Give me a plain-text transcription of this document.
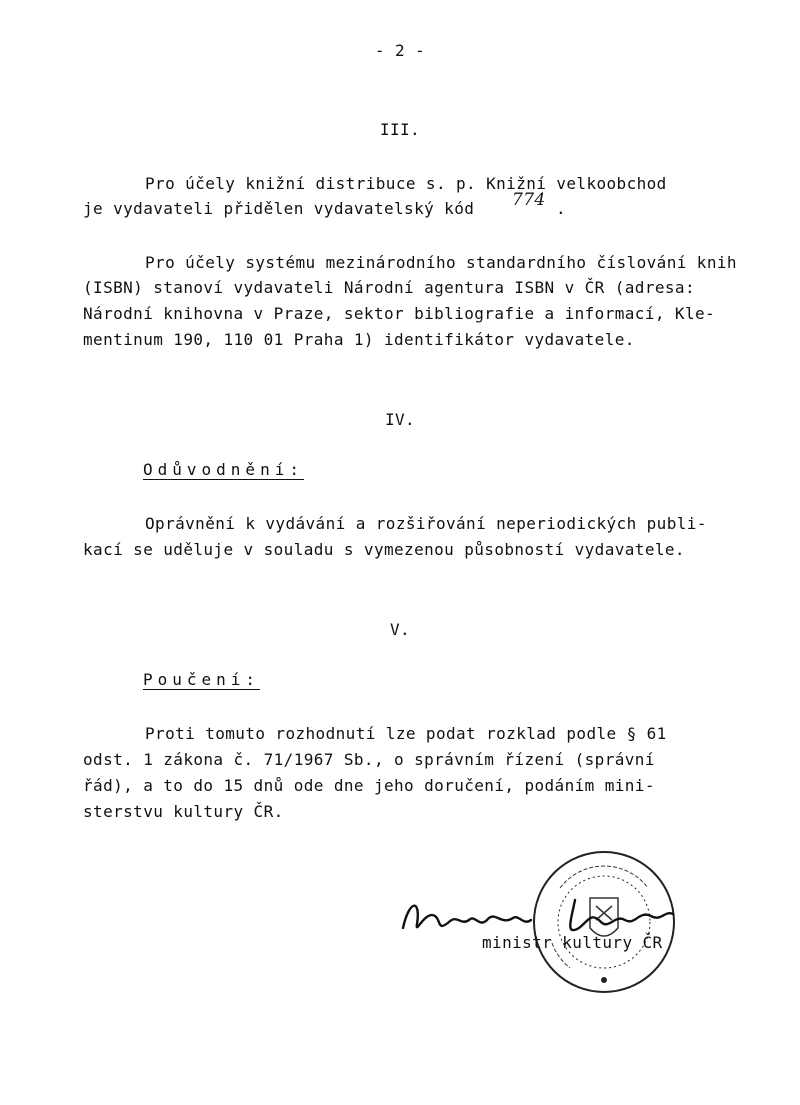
- 2 -
III.
Pro účely knižní distribuce s. p. Knižní velkoobchod
je vydavateli přidělen vydavatelský kód 774 .
Pro účely systému mezinárodního standardního číslování knih
(ISBN) stanoví vydavateli Národní agentura ISBN v ČR (adresa:
Národní knihovna v Praze, sektor bibliografie a informací, Kle-
mentinum 190, 110 01 Praha 1) identifikátor vydavatele.
IV.
Odůvodnění:
Oprávnění k vydávání a rozšiřování neperiodických publi-
kací se uděluje v souladu s vymezenou působností vydavatele.
V.
Poučení:
Proti tomuto rozhodnutí lze podat rozklad podle § 61
odst. 1 zákona č. 71/1967 Sb., o správním řízení (správní
řád), a to do 15 dnů ode dne jeho doručení, podáním mini-
sterstvu kultury ČR.
ministr kultury ČR
